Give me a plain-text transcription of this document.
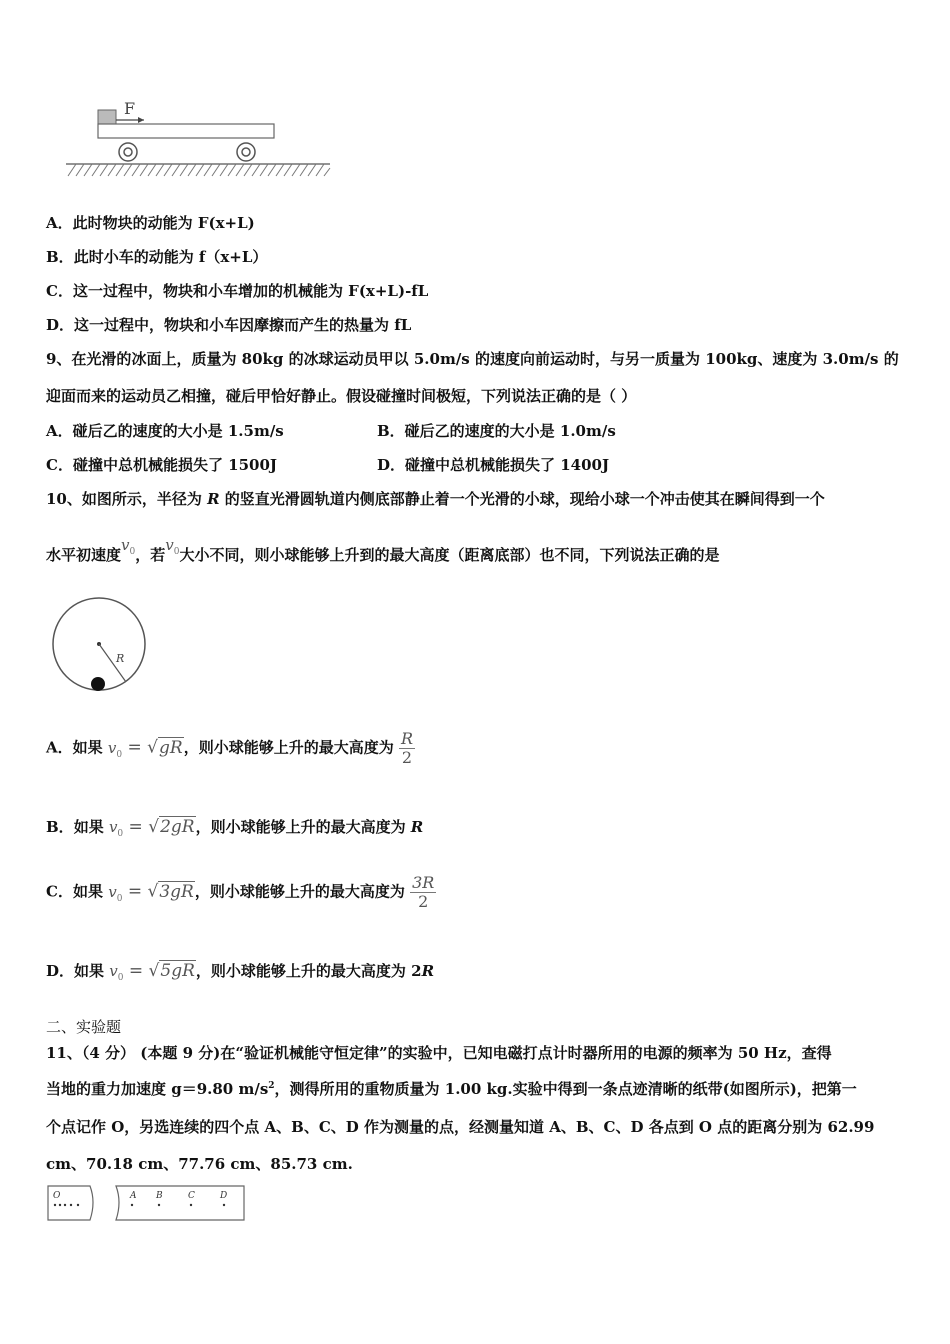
F
A．此时物块的动能为 F(x+L)
B．此时小车的动能为 f（x+L）
C．这一过程中，物块和小车增加的机械能为 F(x+L)-fL
D．这一过程中，物块和小车因摩擦而产生的热量为 fL
9、在光滑的冰面上，质量为 80kg 的冰球运动员甲以 5.0m/s 的速度向前运动时，与另一质量为 100kg、速度为 3.0m/s 的
迎面而来的运动员乙相撞，碰后甲恰好静止。假设碰撞时间极短，下列说法正确的是（ ）
A．碰后乙的速度的大小是 1.5m/s	B．碰后乙的速度的大小是 1.0m/s
C．碰撞中总机械能损失了 1500J	D．碰撞中总机械能损失了 1400J
10、如图所示，半径为 R 的竖直光滑圆轨道内侧底部静止着一个光滑的小球，现给小球一个冲击使其在瞬间得到一个
水平初速度$v_0$，若$v_0$大小不同，则小球能够上升到的最大高度（距离底部）也不同，下列说法正确的是
R
A．如果 $v_0 = √gR$，则小球能够上升的最大高度为 $\frac{R}{2}$
B．如果 $v_0 = √2gR$，则小球能够上升的最大高度为 R
C．如果 $v_0 = √3gR$，则小球能够上升的最大高度为 $\frac{3R}{2}$
D．如果 $v_0 = √5gR$，则小球能够上升的最大高度为 2R
二、实验题
11、（4 分） (本题 9 分)在“验证机械能守恒定律”的实验中，已知电磁打点计时器所用的电源的频率为 50 Hz，查得
当地的重力加速度 g＝9.80 $m/s^2$，测得所用的重物质量为 1.00 kg.实验中得到一条点迹清晰的纸带(如图所示)，把第一
个点记作 O，另选连续的四个点 A、B、C、D 作为测量的点，经测量知道 A、B、C、D 各点到 O 点的距离分别为 62.99
cm、70.18 cm、77.76 cm、85.73 cm.
O	A B	C	D
